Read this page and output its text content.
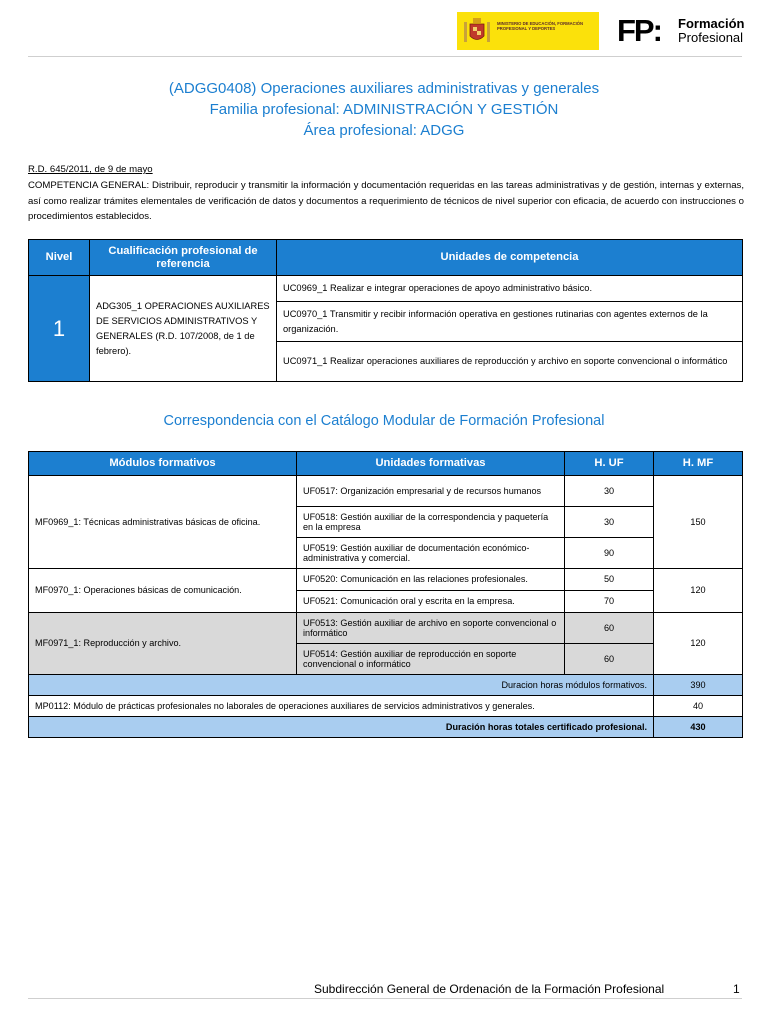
MINISTERIO DE EDUCACIÓN, FORMACIÓN PROFESIONAL Y DEPORTES	FP: Formación
Profesional
(ADGG0408) Operaciones auxiliares administrativas y generales
Familia profesional: ADMINISTRACIÓN Y GESTIÓN
Área profesional: ADGG
R.D. 645/2011, de 9 de mayo
COMPETENCIA GENERAL: Distribuir, reproducir y transmitir la información y documentación requeridas en las tareas administrativas y de gestión, internas y externas, así como realizar trámites elementales de verificación de datos y documentos a requerimiento de técnicos de nivel superior con eficacia, de acuerdo con instrucciones o procedimientos establecidos.
Nivel	Cualificación profesional de referencia	Unidades de competencia
1	ADG305_1 OPERACIONES AUXILIARES DE SERVICIOS ADMINISTRATIVOS Y GENERALES (R.D. 107/2008, de 1 de febrero).	UC0969_1 Realizar e integrar operaciones de apoyo administrativo básico.
		UC0970_1 Transmitir y recibir información operativa en gestiones rutinarias con agentes externos de la organización.
		UC0971_1 Realizar operaciones auxiliares de reproducción y archivo en soporte convencional o informático
Correspondencia con el Catálogo Modular de Formación Profesional
Módulos formativos	Unidades formativas	H. UF	H. MF
MF0969_1: Técnicas administrativas básicas de oficina.	UF0517: Organización empresarial y de recursos humanos	30	150
	UF0518: Gestión auxiliar de la correspondencia y paquetería en la empresa	30	
	UF0519: Gestión auxiliar de documentación económico-administrativa y comercial.	90	
MF0970_1: Operaciones básicas de comunicación.	UF0520: Comunicación en las relaciones profesionales.	50	120
	UF0521: Comunicación oral y escrita en la empresa.	70	
MF0971_1: Reproducción y archivo.	UF0513: Gestión auxiliar de archivo en soporte convencional o informático	60	120
	UF0514: Gestión auxiliar de reproducción en soporte convencional o informático	60	
Duracion horas módulos formativos.			390
MP0112: Módulo de prácticas profesionales no laborales de operaciones auxiliares de servicios administrativos y generales.			40
Duración horas totales certificado profesional.			430
Subdirección General de Ordenación de la Formación Profesional	1
